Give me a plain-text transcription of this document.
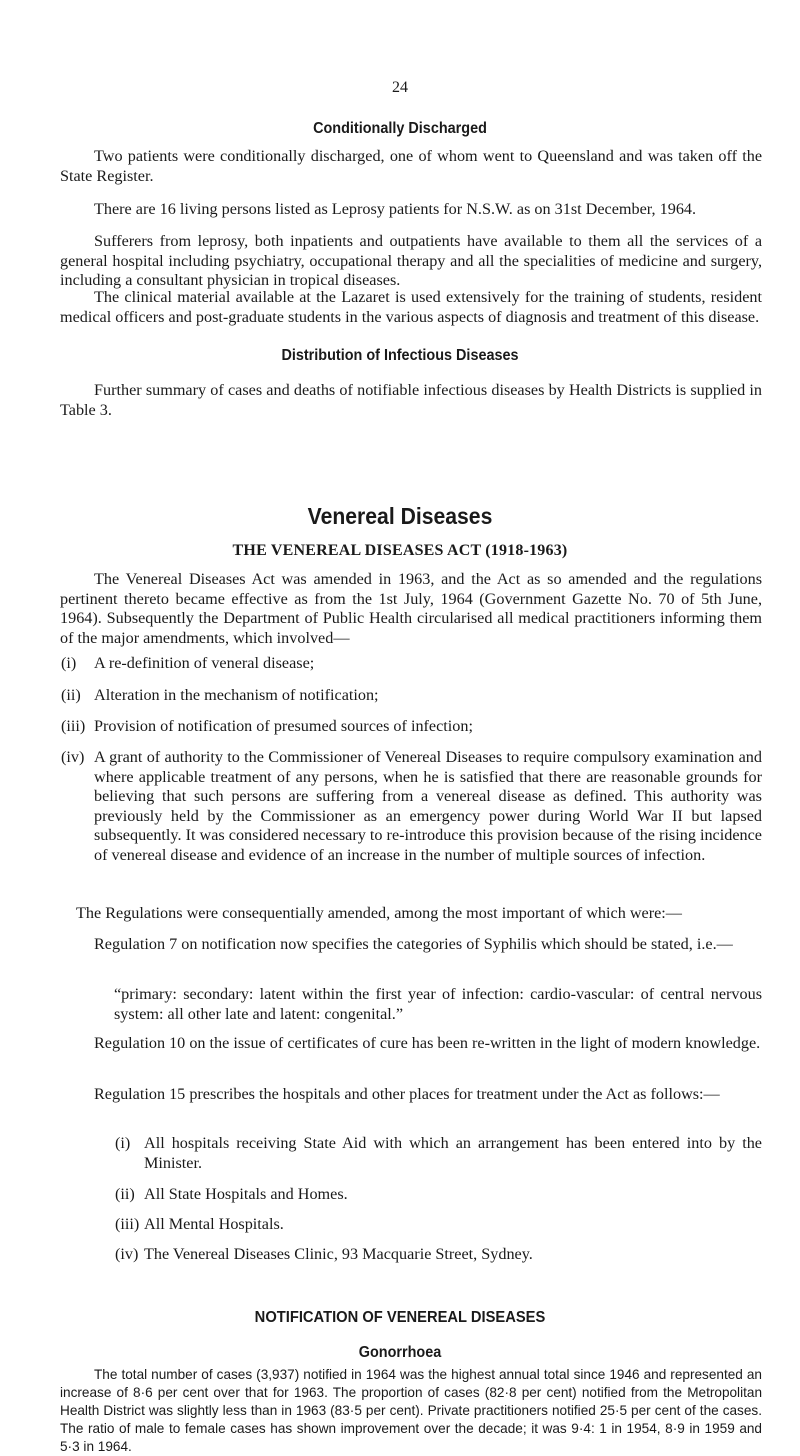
24
Conditionally Discharged

Two patients were conditionally discharged, one of whom went to Queensland and was taken off the State Register.

There are 16 living persons listed as Leprosy patients for N.S.W. as on 31st December, 1964.

Sufferers from leprosy, both inpatients and outpatients have available to them all the services of a general hospital including psychiatry, occupational therapy and all the specialities of medicine and surgery, including a consultant physician in tropical diseases.

The clinical material available at the Lazaret is used extensively for the training of students, resident medical officers and post-graduate students in the various aspects of diagnosis and treatment of this disease.

Distribution of Infectious Diseases

Further summary of cases and deaths of notifiable infectious diseases by Health Districts is supplied in Table 3.

Venereal Diseases
THE VENEREAL DISEASES ACT (1918-1963)

The Venereal Diseases Act was amended in 1963, and the Act as so amended and the regulations pertinent thereto became effective as from the 1st July, 1964 (Government Gazette No. 70 of 5th June, 1964). Subsequently the Department of Public Health circularised all medical practitioners informing them of the major amendments, which involved—

(i) A re-definition of veneral disease;
(ii) Alteration in the mechanism of notification;
(iii) Provision of notification of presumed sources of infection;
(iv) A grant of authority to the Commissioner of Venereal Diseases to require compulsory examination and where applicable treatment of any persons, when he is satisfied that there are reasonable grounds for believing that such persons are suffering from a venereal disease as defined. This authority was previously held by the Commissioner as an emergency power during World War II but lapsed subsequently. It was considered necessary to re-introduce this provision because of the rising incidence of venereal disease and evidence of an increase in the number of multiple sources of infection.

The Regulations were consequentially amended, among the most important of which were:—

Regulation 7 on notification now specifies the categories of Syphilis which should be stated, i.e.—

“primary: secondary: latent within the first year of infection: cardio-vascular: of central nervous system: all other late and latent: congenital.”

Regulation 10 on the issue of certificates of cure has been re-written in the light of modern knowledge.

Regulation 15 prescribes the hospitals and other places for treatment under the Act as follows:—

(i) All hospitals receiving State Aid with which an arrangement has been entered into by the Minister.
(ii) All State Hospitals and Homes.
(iii) All Mental Hospitals.
(iv) The Venereal Diseases Clinic, 93 Macquarie Street, Sydney.
NOTIFICATION OF VENEREAL DISEASES
Gonorrhoea

The total number of cases (3,937) notified in 1964 was the highest annual total since 1946 and represented an increase of 8·6 per cent over that for 1963. The proportion of cases (82·8 per cent) notified from the Metropolitan Health District was slightly less than in 1963 (83·5 per cent). Private practitioners notified 25·5 per cent of the cases. The ratio of male to female cases has shown improvement over the decade; it was 9·4: 1 in 1954, 8·9 in 1959 and 5·3 in 1964.
